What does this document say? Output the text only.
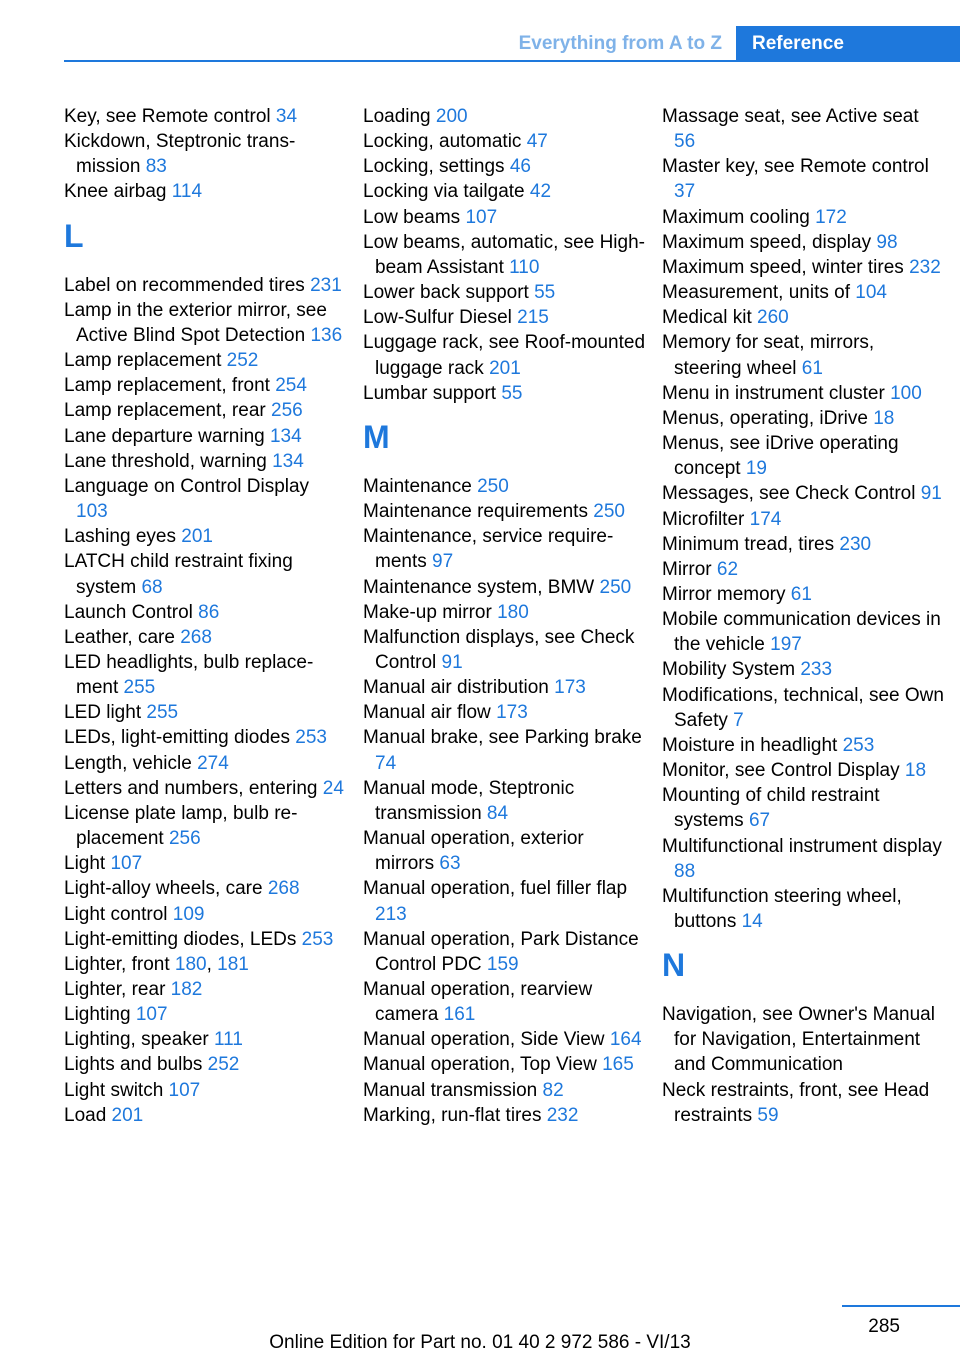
Everything from A to Z	Reference
Key, see Remote control 34
Kickdown, Steptronic transmission 83
Knee airbag 114
L
Label on recommended tires 231
Lamp in the exterior mirror, see Active Blind Spot Detection 136
Lamp replacement 252
Lamp replacement, front 254
Lamp replacement, rear 256
Lane departure warning 134
Lane threshold, warning 134
Language on Control Display 103
Lashing eyes 201
LATCH child restraint fixing system 68
Launch Control 86
Leather, care 268
LED headlights, bulb replacement 255
LED light 255
LEDs, light-emitting diodes 253
Length, vehicle 274
Letters and numbers, entering 24
License plate lamp, bulb replacement 256
Light 107
Light-alloy wheels, care 268
Light control 109
Light-emitting diodes, LEDs 253
Lighter, front 180, 181
Lighter, rear 182
Lighting 107
Lighting, speaker 111
Lights and bulbs 252
Light switch 107
Load 201
Loading 200
Locking, automatic 47
Locking, settings 46
Locking via tailgate 42
Low beams 107
Low beams, automatic, see High-beam Assistant 110
Lower back support 55
Low-Sulfur Diesel 215
Luggage rack, see Roof-mounted luggage rack 201
Lumbar support 55
M
Maintenance 250
Maintenance requirements 250
Maintenance, service requirements 97
Maintenance system, BMW 250
Make-up mirror 180
Malfunction displays, see Check Control 91
Manual air distribution 173
Manual air flow 173
Manual brake, see Parking brake 74
Manual mode, Steptronic transmission 84
Manual operation, exterior mirrors 63
Manual operation, fuel filler flap 213
Manual operation, Park Distance Control PDC 159
Manual operation, rearview camera 161
Manual operation, Side View 164
Manual operation, Top View 165
Manual transmission 82
Marking, run-flat tires 232
Massage seat, see Active seat 56
Master key, see Remote control 37
Maximum cooling 172
Maximum speed, display 98
Maximum speed, winter tires 232
Measurement, units of 104
Medical kit 260
Memory for seat, mirrors, steering wheel 61
Menu in instrument cluster 100
Menus, operating, iDrive 18
Menus, see iDrive operating concept 19
Messages, see Check Control 91
Microfilter 174
Minimum tread, tires 230
Mirror 62
Mirror memory 61
Mobile communication devices in the vehicle 197
Mobility System 233
Modifications, technical, see Own Safety 7
Moisture in headlight 253
Monitor, see Control Display 18
Mounting of child restraint systems 67
Multifunctional instrument display 88
Multifunction steering wheel, buttons 14
N
Navigation, see Owner's Manual for Navigation, Entertainment and Communication
Neck restraints, front, see Head restraints 59
285
Online Edition for Part no. 01 40 2 972 586 - VI/13
